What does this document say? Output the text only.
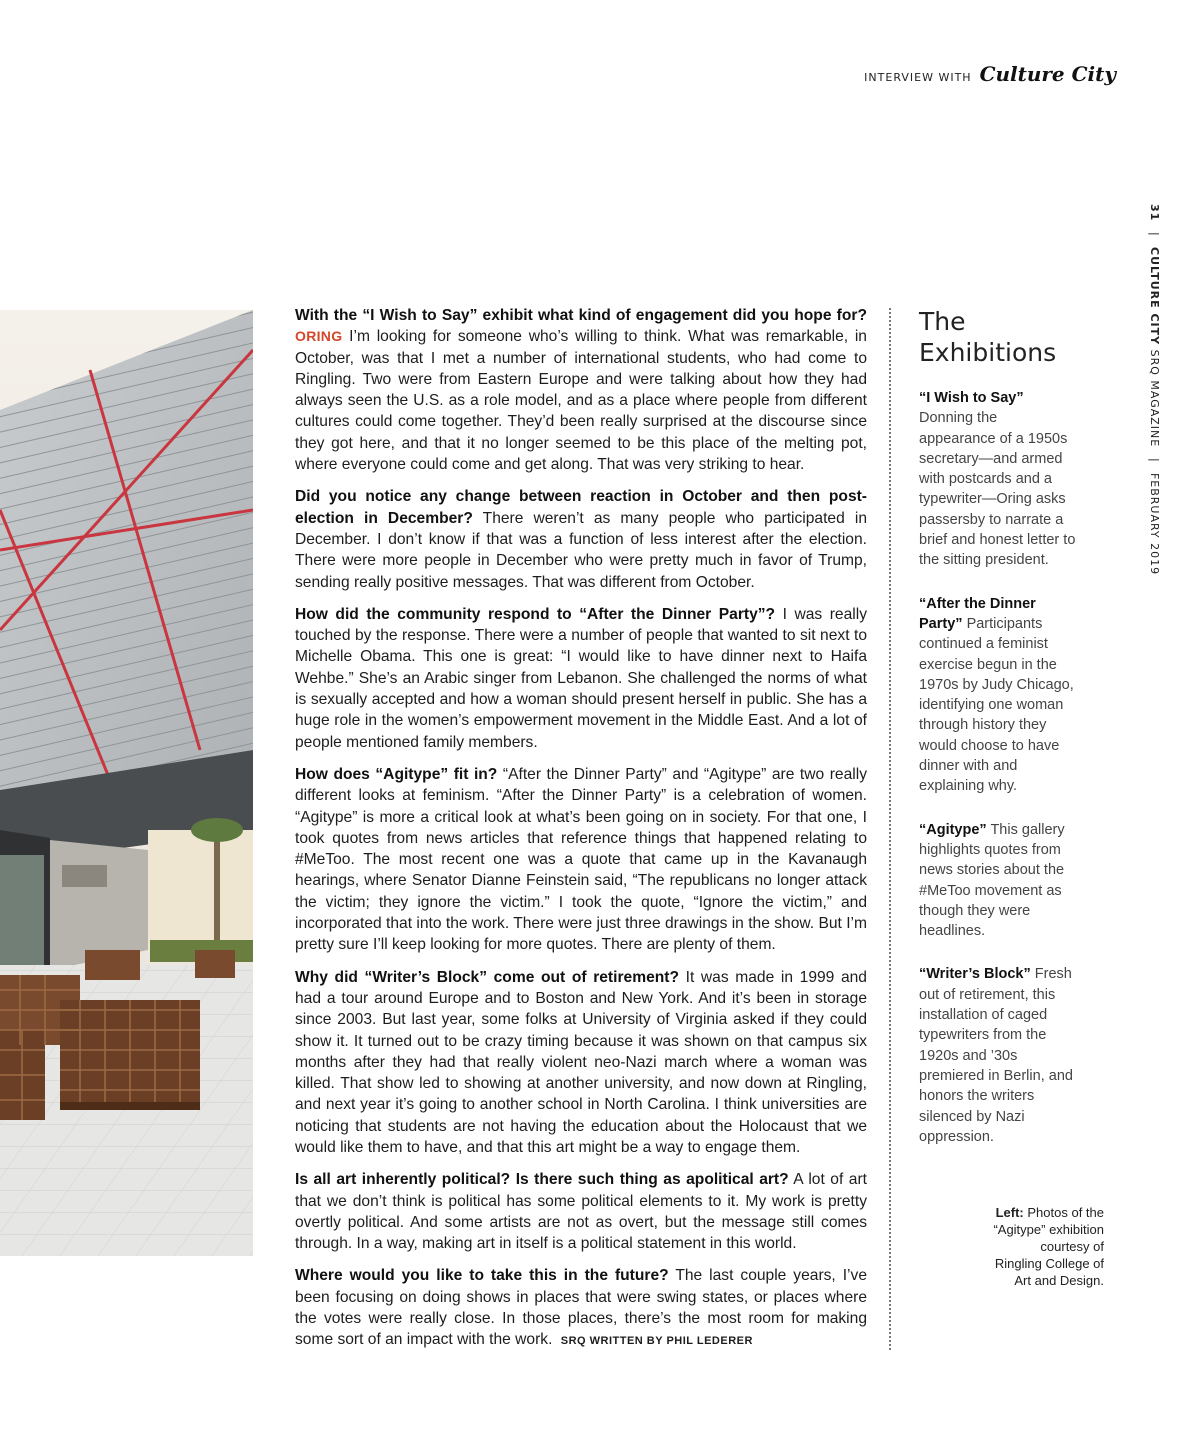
INTERVIEW WITH Culture City
31 | CULTURE CITY SRQ MAGAZINE | FEBRUARY 2019

With the “I Wish to Say” exhibit what kind of engagement did you hope for? ORING I’m looking for someone who’s willing to think. What was remarkable, in October, was that I met a number of international students, who had come to Ringling. Two were from Eastern Europe and were talking about how they had always seen the U.S. as a role model, and as a place where people from different cultures could come together. They’d been really surprised at the discourse since they got here, and that it no longer seemed to be this place of the melting pot, where everyone could come and get along. That was very striking to hear.

Did you notice any change between reaction in October and then post-election in December? There weren’t as many people who participated in December. I don’t know if that was a function of less interest after the election. There were more people in December who were pretty much in favor of Trump, sending really positive messages. That was different from October.

How did the community respond to “After the Dinner Party”? I was really touched by the response. There were a number of people that wanted to sit next to Michelle Obama. This one is great: “I would like to have dinner next to Haifa Wehbe.” She’s an Arabic singer from Lebanon. She challenged the norms of what is sexually accepted and how a woman should present herself in public. She has a huge role in the women’s empowerment movement in the Middle East. And a lot of people mentioned family members.

How does “Agitype” fit in? “After the Dinner Party” and “Agitype” are two really different looks at feminism. “After the Dinner Party” is a celebration of women. “Agitype” is more a critical look at what’s been going on in society. For that one, I took quotes from news articles that reference things that happened relating to #MeToo. The most recent one was a quote that came up in the Kavanaugh hearings, where Senator Dianne Feinstein said, “The republicans no longer attack the victim; they ignore the victim.” I took the quote, “Ignore the victim,” and incorporated that into the work. There were just three drawings in the show. But I’m pretty sure I’ll keep looking for more quotes. There are plenty of them.

Why did “Writer’s Block” come out of retirement? It was made in 1999 and had a tour around Europe and to Boston and New York. And it’s been in storage since 2003. But last year, some folks at University of Virginia asked if they could show it. It turned out to be crazy timing because it was shown on that campus six months after they had that really violent neo-Nazi march where a woman was killed. That show led to showing at another university, and now down at Ringling, and next year it’s going to another school in North Carolina. I think universities are noticing that students are not having the education about the Holocaust that we would like them to have, and that this art might be a way to engage them.

Is all art inherently political? Is there such thing as apolitical art? A lot of art that we don’t think is political has some political elements to it. My work is pretty overtly political. And some artists are not as overt, but the message still comes through. In a way, making art in itself is a political statement in this world.

Where would you like to take this in the future? The last couple years, I’ve been focusing on doing shows in places that were swing states, or places where the votes were really close. In those places, there’s the most room for making some sort of an impact with the work. SRQ WRITTEN BY PHIL LEDERER

The Exhibitions

“I Wish to Say” Donning the appearance of a 1950s secretary—and armed with postcards and a typewriter—Oring asks passersby to narrate a brief and honest letter to the sitting president.

“After the Dinner Party” Participants continued a feminist exercise begun in the 1970s by Judy Chicago, identifying one woman through history they would choose to have dinner with and explaining why.

“Agitype” This gallery highlights quotes from news stories about the #MeToo movement as though they were headlines.

“Writer’s Block” Fresh out of retirement, this installation of caged typewriters from the 1920s and ’30s premiered in Berlin, and honors the writers silenced by Nazi oppression.

Left: Photos of the “Agitype” exhibition courtesy of Ringling College of Art and Design.
